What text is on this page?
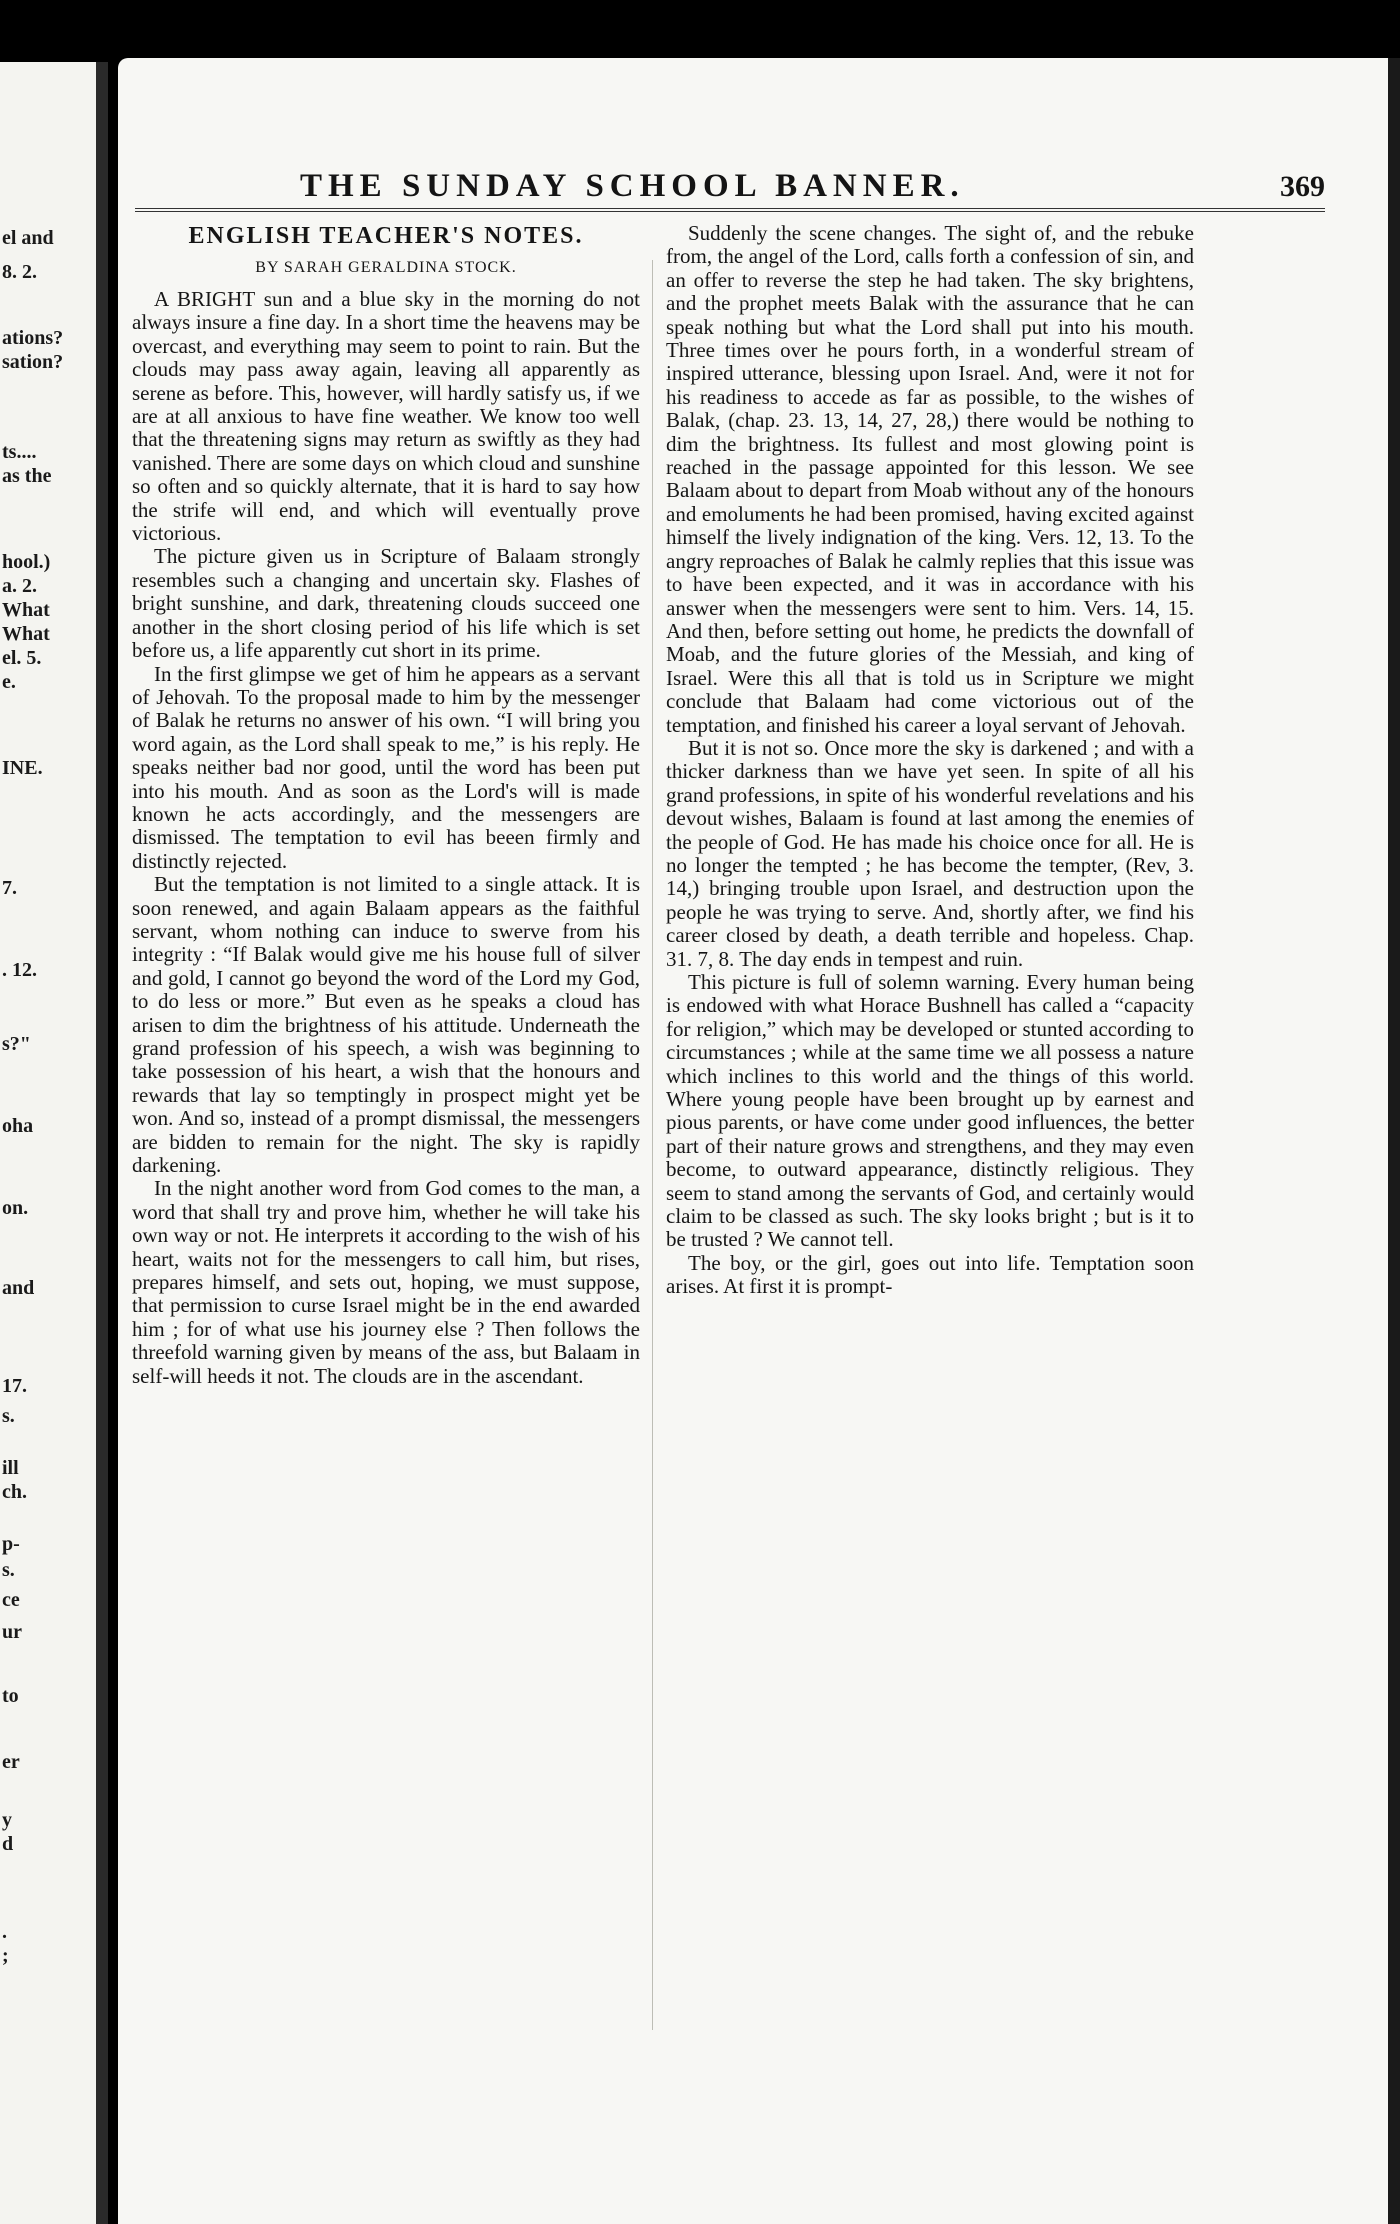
el and
8. 2.
ations?
sation?
ts....
as the
hool.)
a. 2.
What
What
el. 5.
e.
INE.
7.
. 12.
s?"
oha
on.
and
17.
s.
ill
ch.
p-
s.
ce
ur
to
er
y
d
.
;
THE SUNDAY SCHOOL BANNER.	369
ENGLISH TEACHER'S NOTES.
BY SARAH GERALDINA STOCK.

A BRIGHT sun and a blue sky in the morning do not always insure a fine day. In a short time the heavens may be overcast, and everything may seem to point to rain. But the clouds may pass away again, leaving all apparently as serene as before. This, however, will hardly satisfy us, if we are at all anxious to have fine weather. We know too well that the threatening signs may return as swiftly as they had vanished. There are some days on which cloud and sunshine so often and so quickly alternate, that it is hard to say how the strife will end, and which will eventually prove victorious.

The picture given us in Scripture of Balaam strongly resembles such a changing and uncertain sky. Flashes of bright sunshine, and dark, threatening clouds succeed one another in the short closing period of his life which is set before us, a life apparently cut short in its prime.

In the first glimpse we get of him he appears as a servant of Jehovah. To the proposal made to him by the messenger of Balak he returns no answer of his own. “I will bring you word again, as the Lord shall speak to me,” is his reply. He speaks neither bad nor good, until the word has been put into his mouth. And as soon as the Lord's will is made known he acts accordingly, and the messengers are dismissed. The temptation to evil has beeen firmly and distinctly rejected.

But the temptation is not limited to a single attack. It is soon renewed, and again Balaam appears as the faithful servant, whom nothing can induce to swerve from his integrity : “If Balak would give me his house full of silver and gold, I cannot go beyond the word of the Lord my God, to do less or more.” But even as he speaks a cloud has arisen to dim the brightness of his attitude. Underneath the grand profession of his speech, a wish was beginning to take possession of his heart, a wish that the honours and rewards that lay so temptingly in prospect might yet be won. And so, instead of a prompt dismissal, the messengers are bidden to remain for the night. The sky is rapidly darkening.

In the night another word from God comes to the man, a word that shall try and prove him, whether he will take his own way or not. He interprets it according to the wish of his heart, waits not for the messengers to call him, but rises, prepares himself, and sets out, hoping, we must suppose, that permission to curse Israel might be in the end awarded him ; for of what use his journey else ? Then follows the threefold warning given by means of the ass, but Balaam in self-will heeds it not. The clouds are in the ascendant.

Suddenly the scene changes. The sight of, and the rebuke from, the angel of the Lord, calls forth a confession of sin, and an offer to reverse the step he had taken. The sky brightens, and the prophet meets Balak with the assurance that he can speak nothing but what the Lord shall put into his mouth. Three times over he pours forth, in a wonderful stream of inspired utterance, blessing upon Israel. And, were it not for his readiness to accede as far as possible, to the wishes of Balak, (chap. 23. 13, 14, 27, 28,) there would be nothing to dim the brightness. Its fullest and most glowing point is reached in the passage appointed for this lesson. We see Balaam about to depart from Moab without any of the honours and emoluments he had been promised, having excited against himself the lively indignation of the king. Vers. 12, 13. To the angry reproaches of Balak he calmly replies that this issue was to have been expected, and it was in accordance with his answer when the messengers were sent to him. Vers. 14, 15. And then, before setting out home, he predicts the downfall of Moab, and the future glories of the Messiah, and king of Israel. Were this all that is told us in Scripture we might conclude that Balaam had come victorious out of the temptation, and finished his career a loyal servant of Jehovah.

But it is not so. Once more the sky is darkened ; and with a thicker darkness than we have yet seen. In spite of all his grand professions, in spite of his wonderful revelations and his devout wishes, Balaam is found at last among the enemies of the people of God. He has made his choice once for all. He is no longer the tempted ; he has become the tempter, (Rev, 3. 14,) bringing trouble upon Israel, and destruction upon the people he was trying to serve. And, shortly after, we find his career closed by death, a death terrible and hopeless. Chap. 31. 7, 8. The day ends in tempest and ruin.

This picture is full of solemn warning. Every human being is endowed with what Horace Bushnell has called a “capacity for religion,” which may be developed or stunted according to circumstances ; while at the same time we all possess a nature which inclines to this world and the things of this world. Where young people have been brought up by earnest and pious parents, or have come under good influences, the better part of their nature grows and strengthens, and they may even become, to outward appearance, distinctly religious. They seem to stand among the servants of God, and certainly would claim to be classed as such. The sky looks bright ; but is it to be trusted ? We cannot tell.

The boy, or the girl, goes out into life. Temptation soon arises. At first it is prompt-
